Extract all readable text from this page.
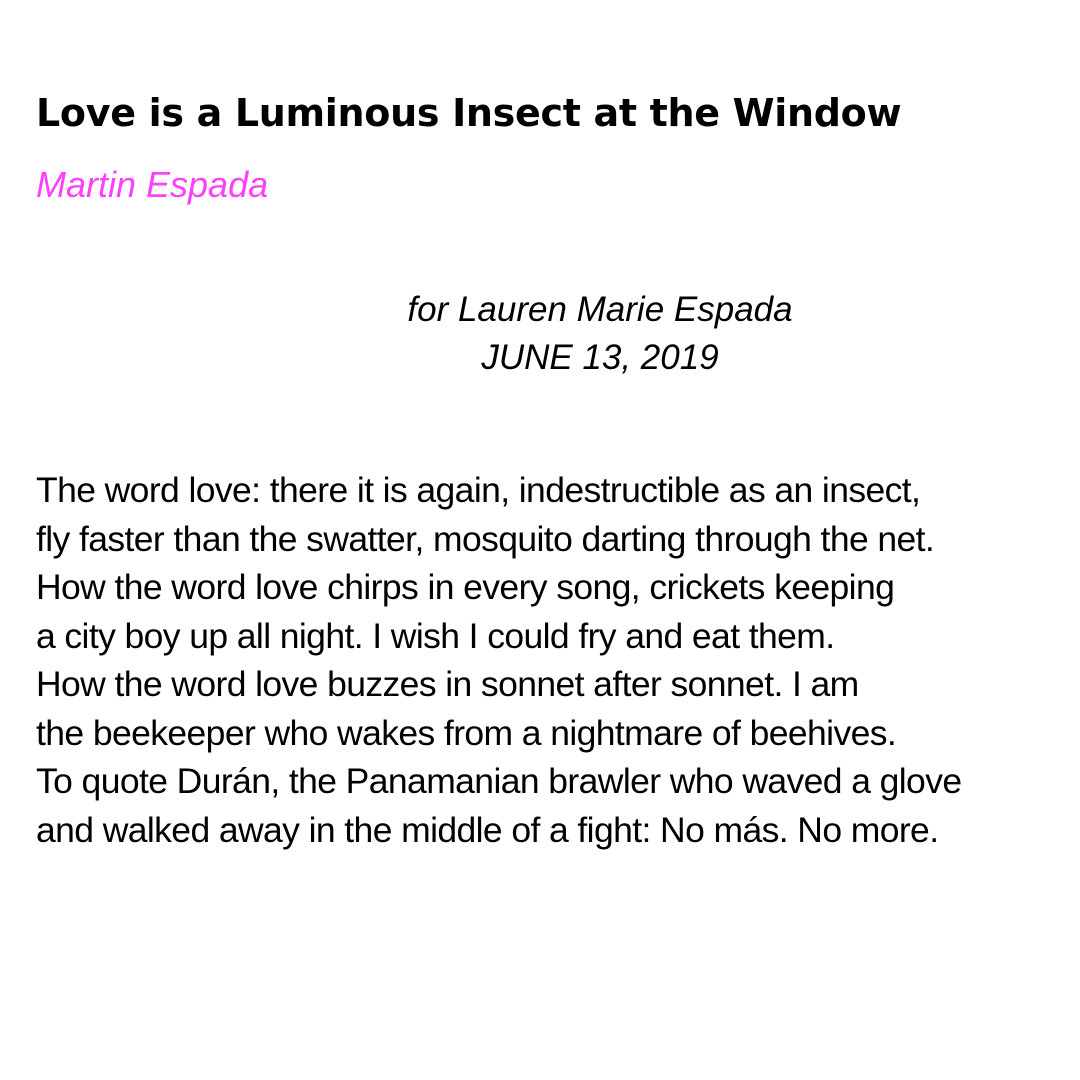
Love is a Luminous Insect at the Window

Martin Espada

for Lauren Marie Espada
JUNE 13, 2019
The word love: there it is again, indestructible as an insect,
fly faster than the swatter, mosquito darting through the net.
How the word love chirps in every song, crickets keeping
a city boy up all night. I wish I could fry and eat them.
How the word love buzzes in sonnet after sonnet. I am
the beekeeper who wakes from a nightmare of beehives.
To quote Durán, the Panamanian brawler who waved a glove
and walked away in the middle of a fight: No más. No more.
